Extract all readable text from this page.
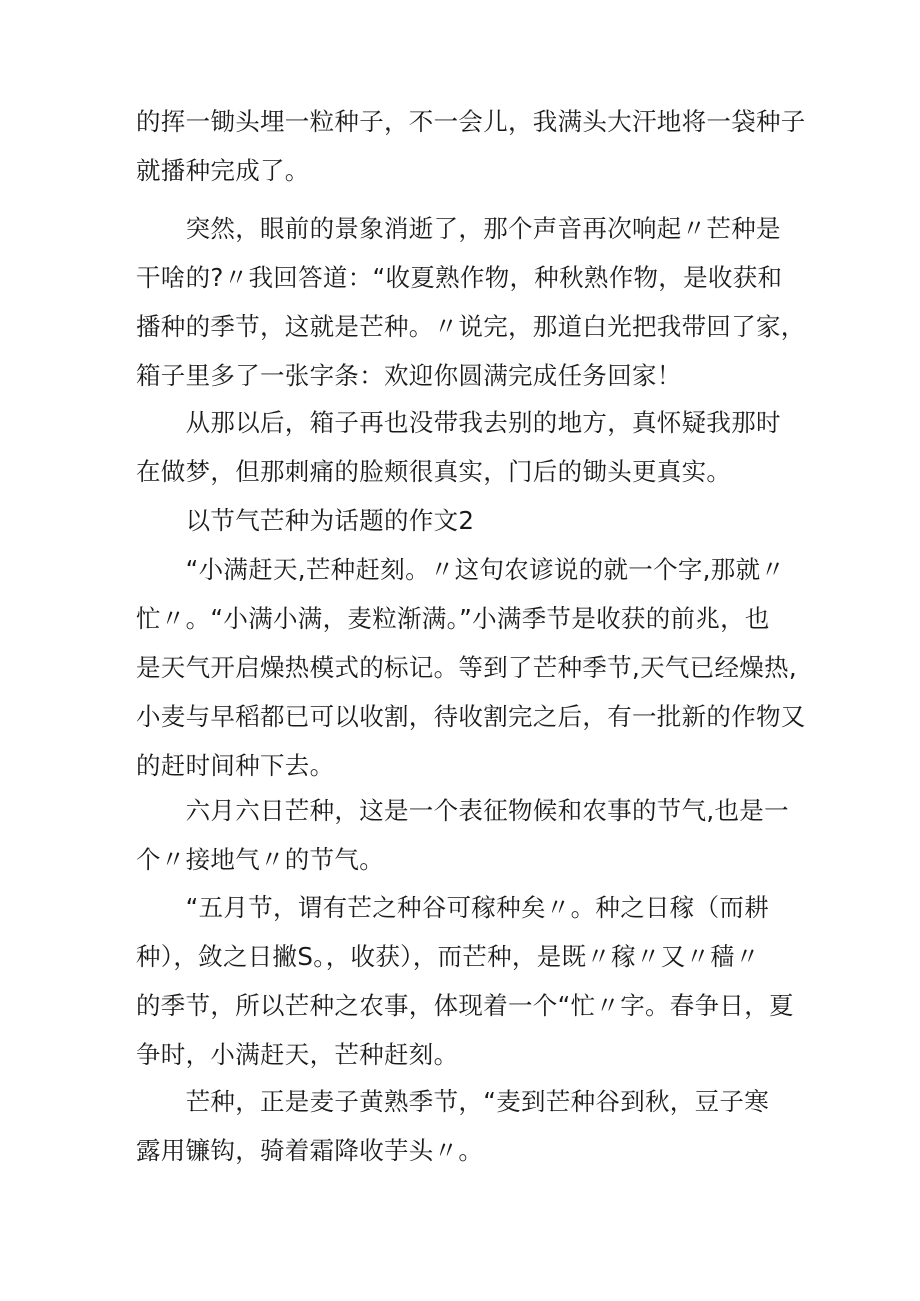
的挥一锄头埋一粒种子，不一会儿，我满头大汗地将一袋种子
就播种完成了。
　　突然，眼前的景象消逝了，那个声音再次响起〃芒种是
干啥的?〃我回答道：“收夏熟作物，种秋熟作物，是收获和
播种的季节，这就是芒种。〃说完，那道白光把我带回了家，
箱子里多了一张字条：欢迎你圆满完成任务回家！
　　从那以后，箱子再也没带我去别的地方，真怀疑我那时
在做梦，但那刺痛的脸颊很真实，门后的锄头更真实。
　　以节气芒种为话题的作文2
　　“小满赶天,芒种赶刻。〃这句农谚说的就一个字,那就〃
忙〃。“小满小满，麦粒渐满。”小满季节是收获的前兆，也
是天气开启燥热模式的标记。等到了芒种季节,天气已经燥热,
小麦与早稻都已可以收割，待收割完之后，有一批新的作物又
的赶时间种下去。
　　六月六日芒种，这是一个表征物候和农事的节气,也是一
个〃接地气〃的节气。
　　“五月节，谓有芒之种谷可稼种矣〃。种之日稼（而耕
种），敛之日撇S。，收获），而芒种，是既〃稼〃又〃穑〃
的季节，所以芒种之农事，体现着一个“忙〃字。春争日，夏
争时，小满赶天，芒种赶刻。
　　芒种，正是麦子黄熟季节，“麦到芒种谷到秋，豆子寒
露用镰钩，骑着霜降收芋头〃。
